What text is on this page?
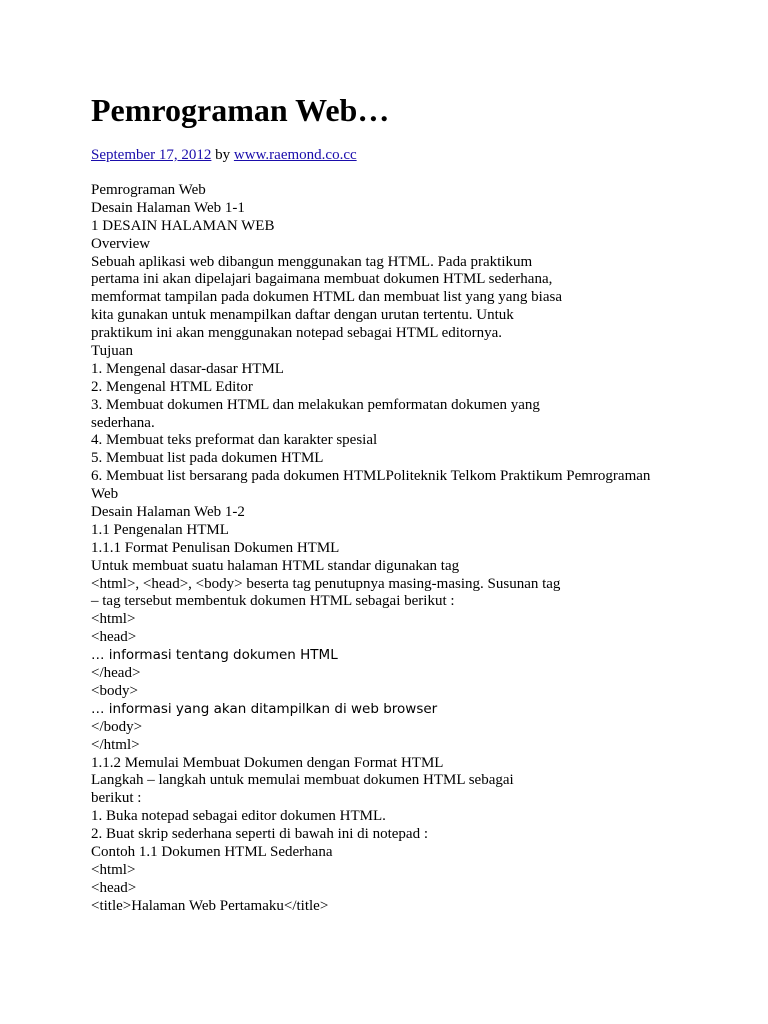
Pemrograman Web…
September 17, 2012 by www.raemond.co.cc
Pemrograman Web
Desain Halaman Web 1-1
1 DESAIN HALAMAN WEB
Overview
Sebuah aplikasi web dibangun menggunakan tag HTML. Pada praktikum
pertama ini akan dipelajari bagaimana membuat dokumen HTML sederhana,
memformat tampilan pada dokumen HTML dan membuat list yang yang biasa
kita gunakan untuk menampilkan daftar dengan urutan tertentu. Untuk
praktikum ini akan menggunakan notepad sebagai HTML editornya.
Tujuan
1. Mengenal dasar-dasar HTML
2. Mengenal HTML Editor
3. Membuat dokumen HTML dan melakukan pemformatan dokumen yang
sederhana.
4. Membuat teks preformat dan karakter spesial
5. Membuat list pada dokumen HTML
6. Membuat list bersarang pada dokumen HTMLPoliteknik Telkom Praktikum Pemrograman
Web
Desain Halaman Web 1-2
1.1 Pengenalan HTML
1.1.1 Format Penulisan Dokumen HTML
Untuk membuat suatu halaman HTML standar digunakan tag
<html>, <head>, <body> beserta tag penutupnya masing-masing. Susunan tag
– tag tersebut membentuk dokumen HTML sebagai berikut :
<html>
<head>
… informasi tentang dokumen HTML
</head>
<body>
… informasi yang akan ditampilkan di web browser
</body>
</html>
1.1.2 Memulai Membuat Dokumen dengan Format HTML
Langkah – langkah untuk memulai membuat dokumen HTML sebagai
berikut :
1. Buka notepad sebagai editor dokumen HTML.
2. Buat skrip sederhana seperti di bawah ini di notepad :
Contoh 1.1 Dokumen HTML Sederhana
<html>
<head>
<title>Halaman Web Pertamaku</title>
